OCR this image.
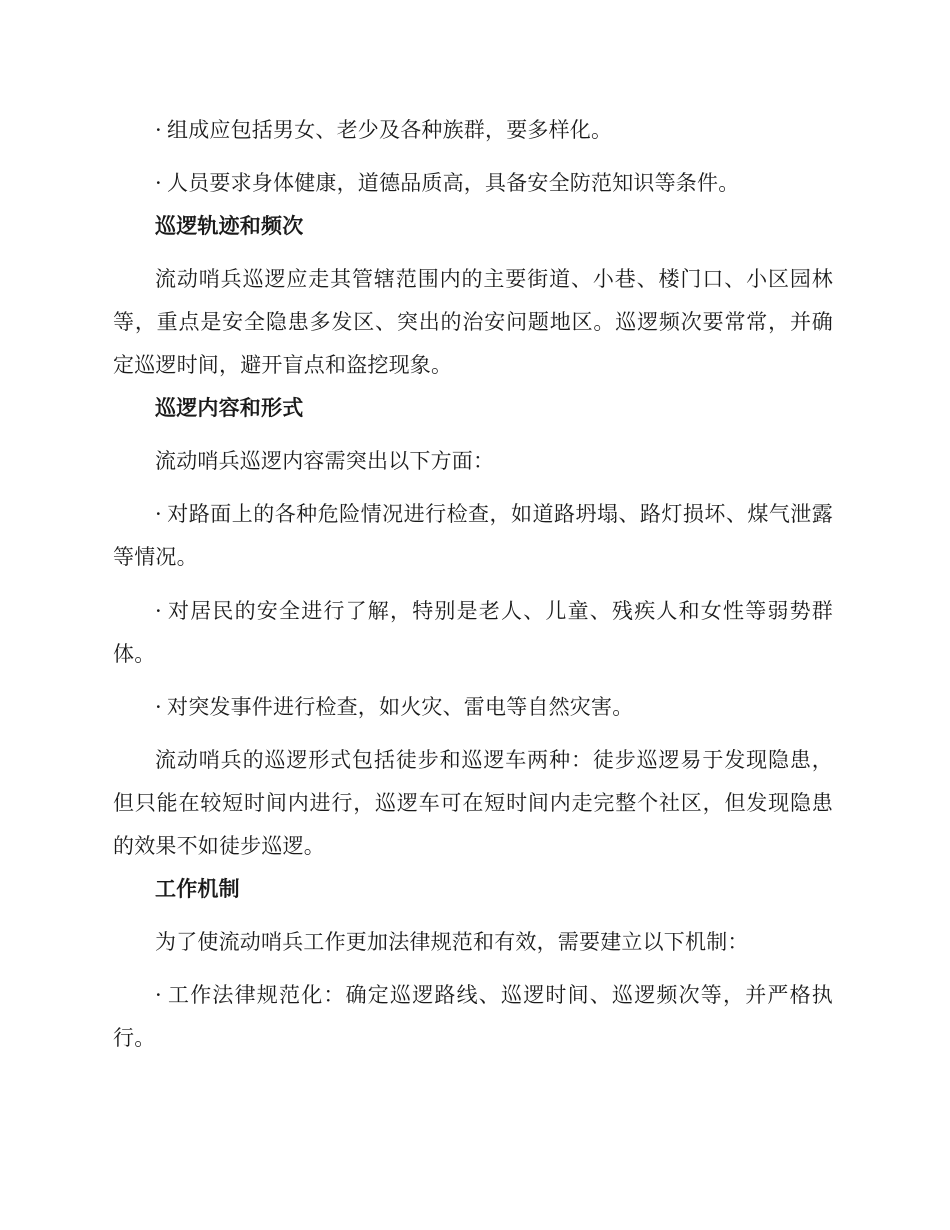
· 组成应包括男女、老少及各种族群，要多样化。

· 人员要求身体健康，道德品质高，具备安全防范知识等条件。

巡逻轨迹和频次

流动哨兵巡逻应走其管辖范围内的主要街道、小巷、楼门口、小区园林等，重点是安全隐患多发区、突出的治安问题地区。巡逻频次要常常，并确定巡逻时间，避开盲点和盗挖现象。

巡逻内容和形式

流动哨兵巡逻内容需突出以下方面：

· 对路面上的各种危险情况进行检查，如道路坍塌、路灯损坏、煤气泄露等情况。

· 对居民的安全进行了解，特别是老人、儿童、残疾人和女性等弱势群体。

· 对突发事件进行检查，如火灾、雷电等自然灾害。

流动哨兵的巡逻形式包括徒步和巡逻车两种：徒步巡逻易于发现隐患，但只能在较短时间内进行，巡逻车可在短时间内走完整个社区，但发现隐患的效果不如徒步巡逻。

工作机制

为了使流动哨兵工作更加法律规范和有效，需要建立以下机制：

· 工作法律规范化：确定巡逻路线、巡逻时间、巡逻频次等，并严格执行。
